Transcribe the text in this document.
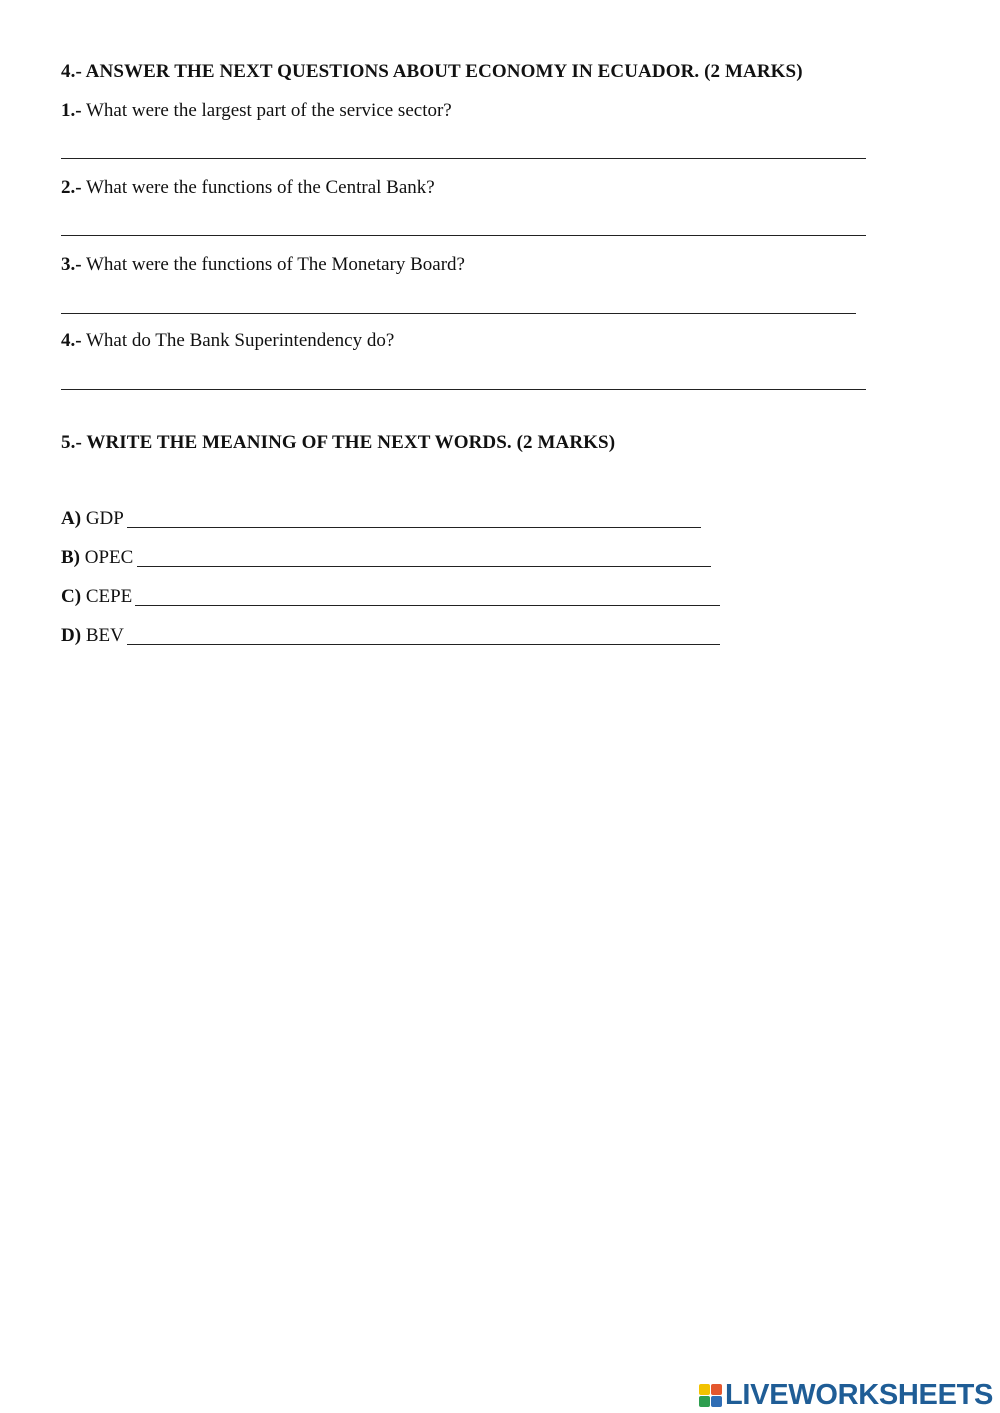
4.- ANSWER THE NEXT QUESTIONS ABOUT ECONOMY IN ECUADOR. (2 MARKS)
1.- What were the largest part of the service sector?
2.- What were the functions of the Central Bank?
3.- What were the functions of The Monetary Board?
4.- What do The Bank Superintendency do?
5.- WRITE THE MEANING OF THE NEXT WORDS. (2 MARKS)
A) GDP
B) OPEC
C) CEPE
D) BEV
LIVEWORKSHEETS
